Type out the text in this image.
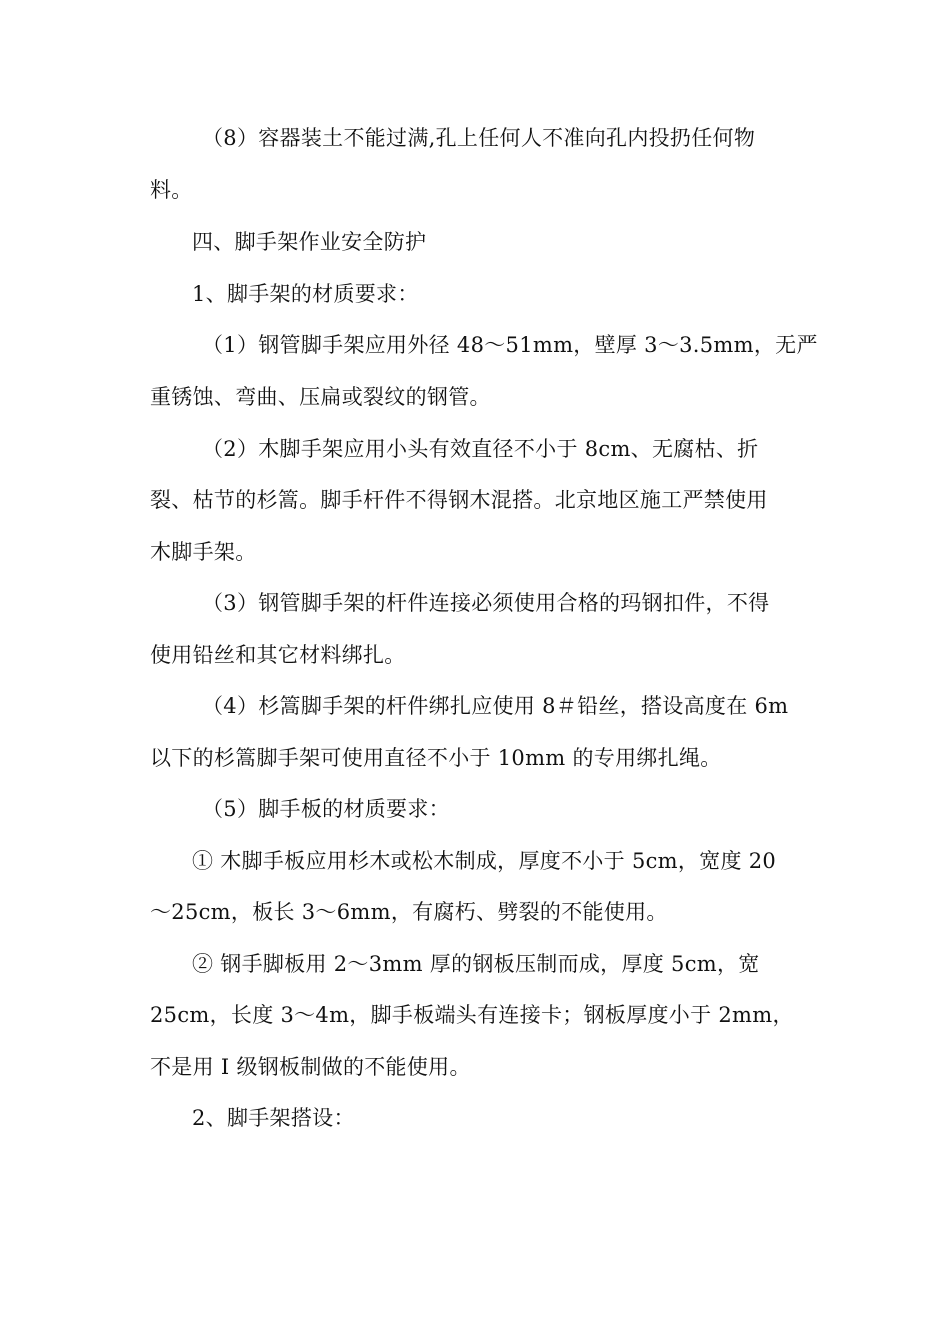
（8）容器装土不能过满,孔上任何人不准向孔内投扔任何物
料。
四、脚手架作业安全防护
1、脚手架的材质要求：
（1）钢管脚手架应用外径 48～51mm，壁厚 3～3.5mm，无严
重锈蚀、弯曲、压扁或裂纹的钢管。
（2）木脚手架应用小头有效直径不小于 8cm、无腐枯、折
裂、枯节的杉篙。脚手杆件不得钢木混搭。北京地区施工严禁使用
木脚手架。
（3）钢管脚手架的杆件连接必须使用合格的玛钢扣件，不得
使用铅丝和其它材料绑扎。
（4）杉篙脚手架的杆件绑扎应使用 8＃铅丝，搭设高度在 6m
以下的杉篙脚手架可使用直径不小于 10mm 的专用绑扎绳。
（5）脚手板的材质要求：
① 木脚手板应用杉木或松木制成，厚度不小于 5cm，宽度 20
～25cm，板长 3～6mm，有腐朽、劈裂的不能使用。
② 钢手脚板用 2～3mm 厚的钢板压制而成，厚度 5cm，宽
25cm，长度 3～4m，脚手板端头有连接卡；钢板厚度小于 2mm，
不是用 I 级钢板制做的不能使用。
2、脚手架搭设：
